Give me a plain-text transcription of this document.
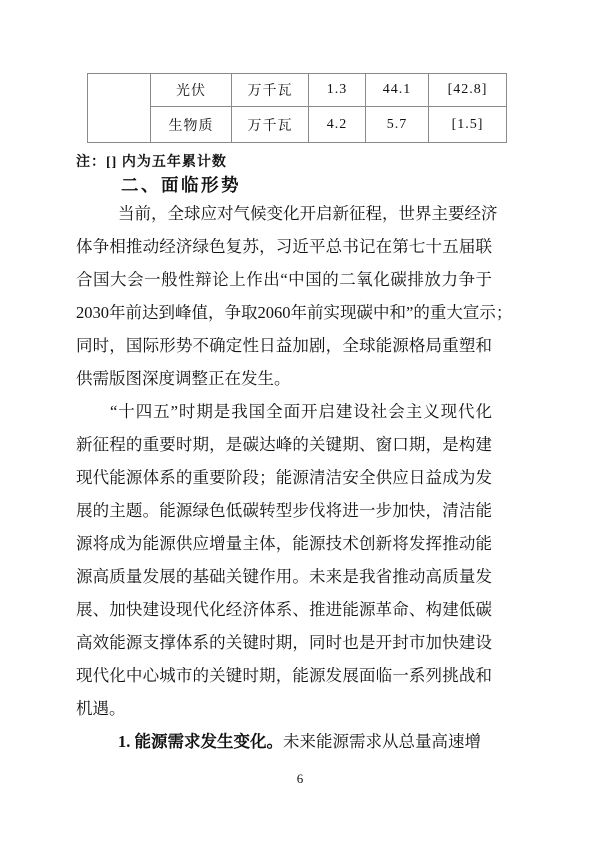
	光伏	万千瓦	1.3	44.1	[42.8]
	生物质	万千瓦	4.2	5.7	[1.5]
注：[] 内为五年累计数
二、面临形势
当前，全球应对气候变化开启新征程，世界主要经济
体争相推动经济绿色复苏，习近平总书记在第七十五届联
合国大会一般性辩论上作出“中国的二氧化碳排放力争于
2030年前达到峰值，争取2060年前实现碳中和”的重大宣示；
同时，国际形势不确定性日益加剧，全球能源格局重塑和
供需版图深度调整正在发生。
“十四五”时期是我国全面开启建设社会主义现代化
新征程的重要时期，是碳达峰的关键期、窗口期，是构建
现代能源体系的重要阶段；能源清洁安全供应日益成为发
展的主题。能源绿色低碳转型步伐将进一步加快，清洁能
源将成为能源供应增量主体，能源技术创新将发挥推动能
源高质量发展的基础关键作用。未来是我省推动高质量发
展、加快建设现代化经济体系、推进能源革命、构建低碳
高效能源支撑体系的关键时期，同时也是开封市加快建设
现代化中心城市的关键时期，能源发展面临一系列挑战和
机遇。
1. 能源需求发生变化。未来能源需求从总量高速增
6
